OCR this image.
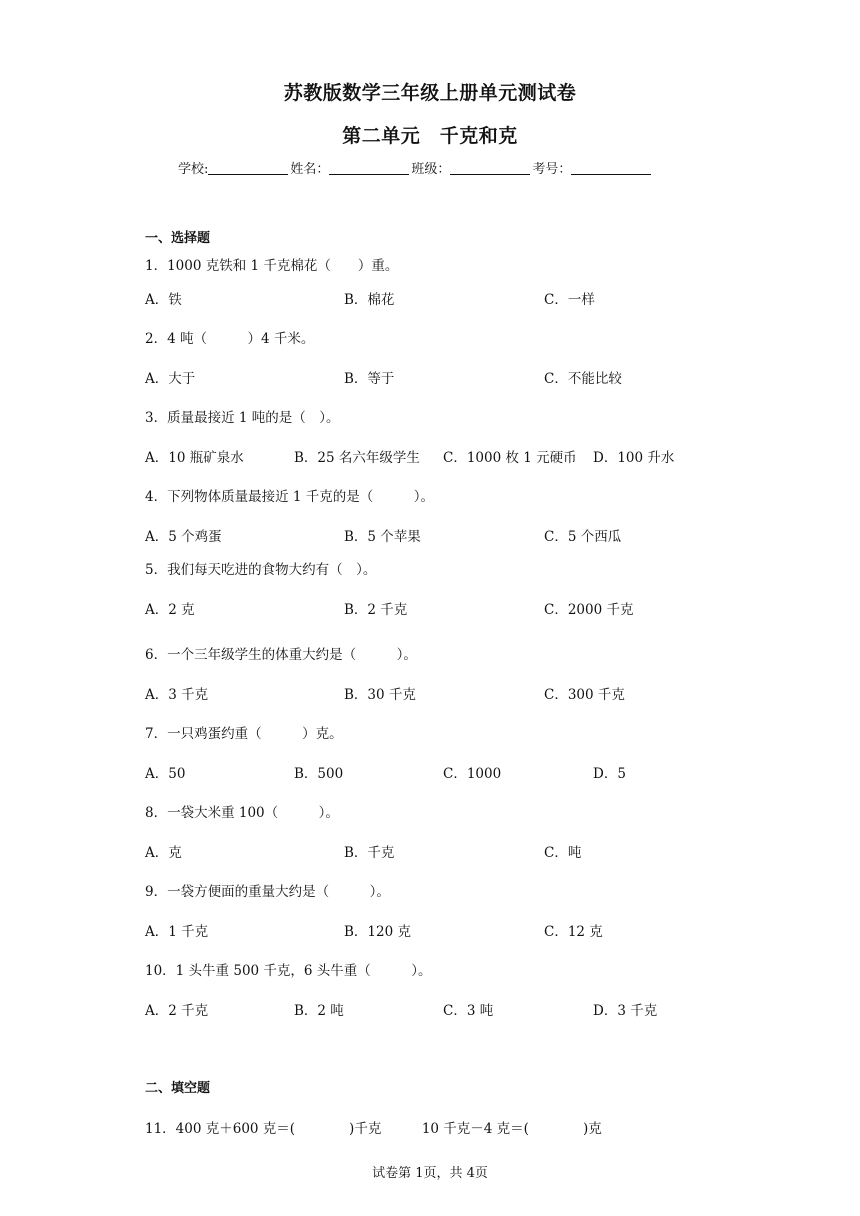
苏教版数学三年级上册单元测试卷
第二单元　千克和克
学校:	姓名：	班级：	考号：
一、选择题
1．1000 克铁和 1 千克棉花（　　）重。
A．铁	B．棉花	C．一样
2．4 吨（　　　）4 千米。
A．大于	B．等于	C．不能比较
3．质量最接近 1 吨的是（　）。
A．10 瓶矿泉水	B．25 名六年级学生 C．1000 枚 1 元硬币 D．100 升水
4．下列物体质量最接近 1 千克的是（　　　）。
A．5 个鸡蛋	B．5 个苹果	C．5 个西瓜
5．我们每天吃进的食物大约有（　）。
A．2 克	B．2 千克	C．2000 千克
6．一个三年级学生的体重大约是（　　　）。
A．3 千克	B．30 千克	C．300 千克
7．一只鸡蛋约重（　　　）克。
A．50	B．500	C．1000	D．5
8．一袋大米重 100（　　　）。
A．克	B．千克	C．吨
9．一袋方便面的重量大约是（　　　）。
A．1 千克	B．120 克	C．12 克
10．1 头牛重 500 千克，6 头牛重（　　　）。
A．2 千克	B．2 吨	C．3 吨	D．3 千克
二、填空题
11．400 克＋600 克＝(　　　　)千克　　　10 千克－4 克＝(　　　　)克
试卷第 1页，共 4页
